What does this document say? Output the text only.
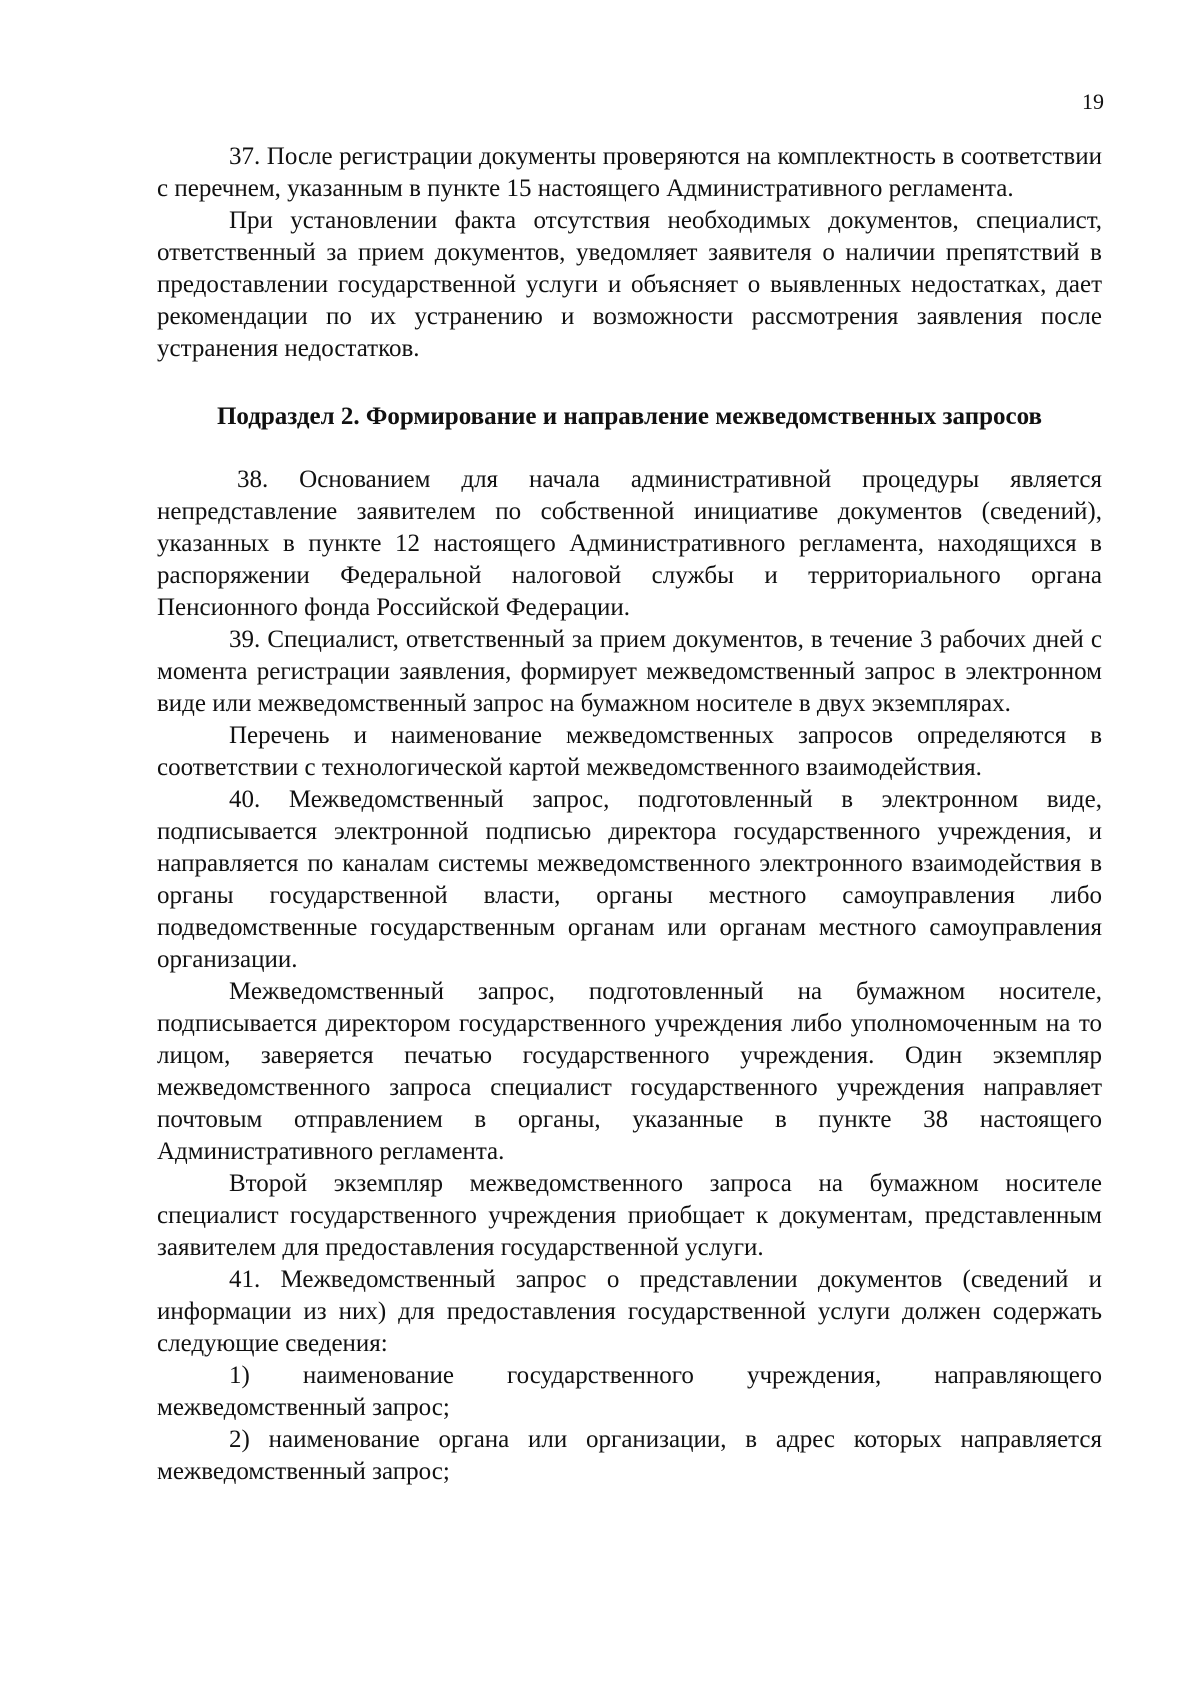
19

37. После регистрации документы проверяются на комплектность в соответствии с перечнем, указанным в пункте 15 настоящего Административного регламента.

При установлении факта отсутствия необходимых документов, специалист, ответственный за прием документов, уведомляет заявителя о наличии препятствий в предоставлении государственной услуги и объясняет о выявленных недостатках, дает рекомендации по их устранению и возможности рассмотрения заявления после устранения недостатков.

Подраздел 2. Формирование и направление межведомственных запросов

38. Основанием для начала административной процедуры является непредставление заявителем по собственной инициативе документов (сведений), указанных в пункте 12 настоящего Административного регламента, находящихся в распоряжении Федеральной налоговой службы и территориального органа Пенсионного фонда Российской Федерации.

39. Специалист, ответственный за прием документов, в течение 3 рабочих дней с момента регистрации заявления, формирует межведомственный запрос в электронном виде или межведомственный запрос на бумажном носителе в двух экземплярах.

Перечень и наименование межведомственных запросов определяются в соответствии с технологической картой межведомственного взаимодействия.

40. Межведомственный запрос, подготовленный в электронном виде, подписывается электронной подписью директора государственного учреждения, и направляется по каналам системы межведомственного электронного взаимодействия в органы государственной власти, органы местного самоуправления либо подведомственные государственным органам или органам местного самоуправления организации.

Межведомственный запрос, подготовленный на бумажном носителе, подписывается директором государственного учреждения либо уполномоченным на то лицом, заверяется печатью государственного учреждения. Один экземпляр межведомственного запроса специалист государственного учреждения направляет почтовым отправлением в органы, указанные в пункте 38 настоящего Административного регламента.

Второй экземпляр межведомственного запроса на бумажном носителе специалист государственного учреждения приобщает к документам, представленным заявителем для предоставления государственной услуги.

41. Межведомственный запрос о представлении документов (сведений и информации из них) для предоставления государственной услуги должен содержать следующие сведения:

1) наименование государственного учреждения, направляющего межведомственный запрос;

2) наименование органа или организации, в адрес которых направляется межведомственный запрос;
